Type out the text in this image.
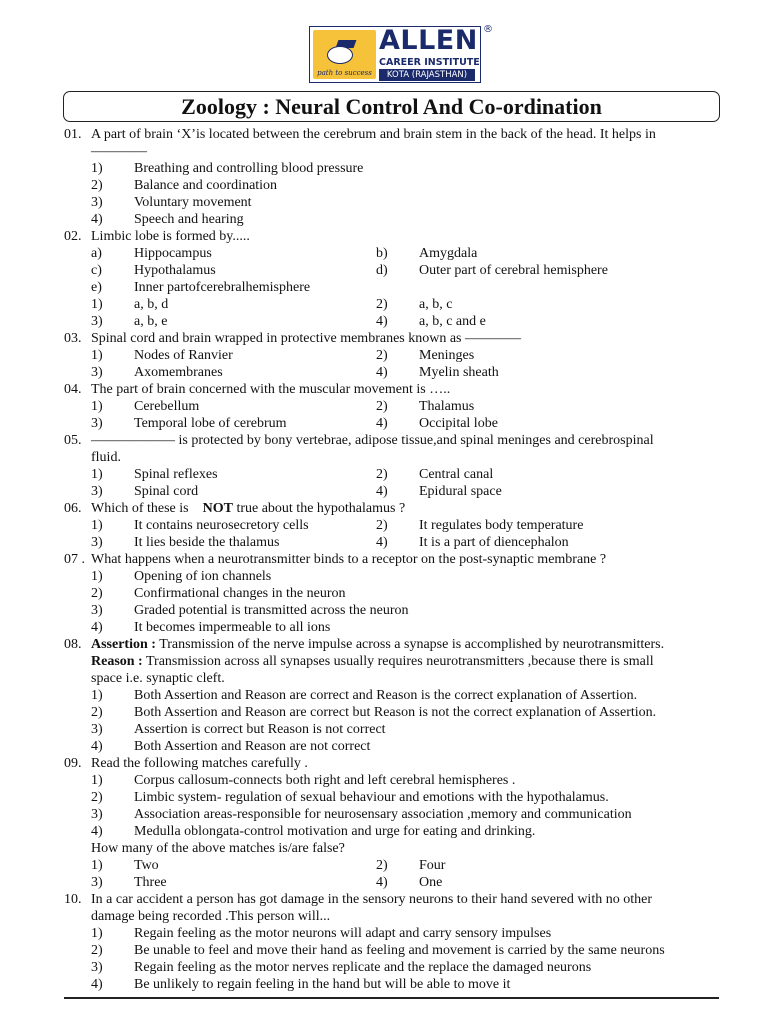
path to success
ALLEN
CAREER INSTITUTE
KOTA (RAJASTHAN)
®
Zoology : Neural Control And Co-ordination
01. A part of brain ‘X’is located between the cerebrum and brain stem in the back of the head. It helps in
————
1)	Breathing and controlling blood pressure
2)	Balance and coordination
3)	Voluntary movement
4)	Speech and hearing
02. Limbic lobe is formed by.....
a)	Hippocampus	b)	Amygdala
c)	Hypothalamus	d)	Outer part of cerebral hemisphere
e)	Inner partofcerebralhemisphere
1)	a, b, d	2)	a, b, c
3)	a, b, e	4)	a, b, c and e
03. Spinal cord and brain wrapped in protective membranes known as ————
1)	Nodes of Ranvier	2)	Meninges
3)	Axomembranes	4)	Myelin sheath
04. The part of brain concerned with the muscular movement is …..
1)	Cerebellum	2)	Thalamus
3)	Temporal lobe of cerebrum	4)	Occipital lobe
05. —————— is protected by bony vertebrae, adipose tissue,and spinal meninges and cerebrospinal
fluid.
1)	Spinal reflexes	2)	Central canal
3)	Spinal cord	4)	Epidural space
06. Which of these is NOT true about the hypothalamus ?
1)	It contains neurosecretory cells	2)	It regulates body temperature
3)	It lies beside the thalamus	4)	It is a part of diencephalon
07 . What happens when a neurotransmitter binds to a receptor on the post-synaptic membrane ?
1)	Opening of ion channels
2)	Confirmational changes in the neuron
3)	Graded potential is transmitted across the neuron
4)	It becomes impermeable to all ions
08. Assertion : Transmission of the nerve impulse across a synapse is accomplished by neurotransmitters.
Reason : Transmission across all synapses usually requires neurotransmitters ,because there is small
space i.e. synaptic cleft.
1)	Both Assertion and Reason are correct and Reason is the correct explanation of Assertion.
2)	Both Assertion and Reason are correct but Reason is not the correct explanation of Assertion.
3)	Assertion is correct but Reason is not correct
4)	Both Assertion and Reason are not correct
09. Read the following matches carefully .
1)	Corpus callosum-connects both right and left cerebral hemispheres .
2)	Limbic system- regulation of sexual behaviour and emotions with the hypothalamus.
3)	Association areas-responsible for neurosensary association ,memory and communication
4)	Medulla oblongata-control motivation and urge for eating and drinking.
How many of the above matches is/are false?
1)	Two	2)	Four
3)	Three	4)	One
10. In a car accident a person has got damage in the sensory neurons to their hand severed with no other
damage being recorded .This person will...
1)	Regain feeling as the motor neurons will adapt and carry sensory impulses
2)	Be unable to feel and move their hand as feeling and movement is carried by the same neurons
3)	Regain feeling as the motor nerves replicate and the replace the damaged neurons
4)	Be unlikely to regain feeling in the hand but will be able to move it
